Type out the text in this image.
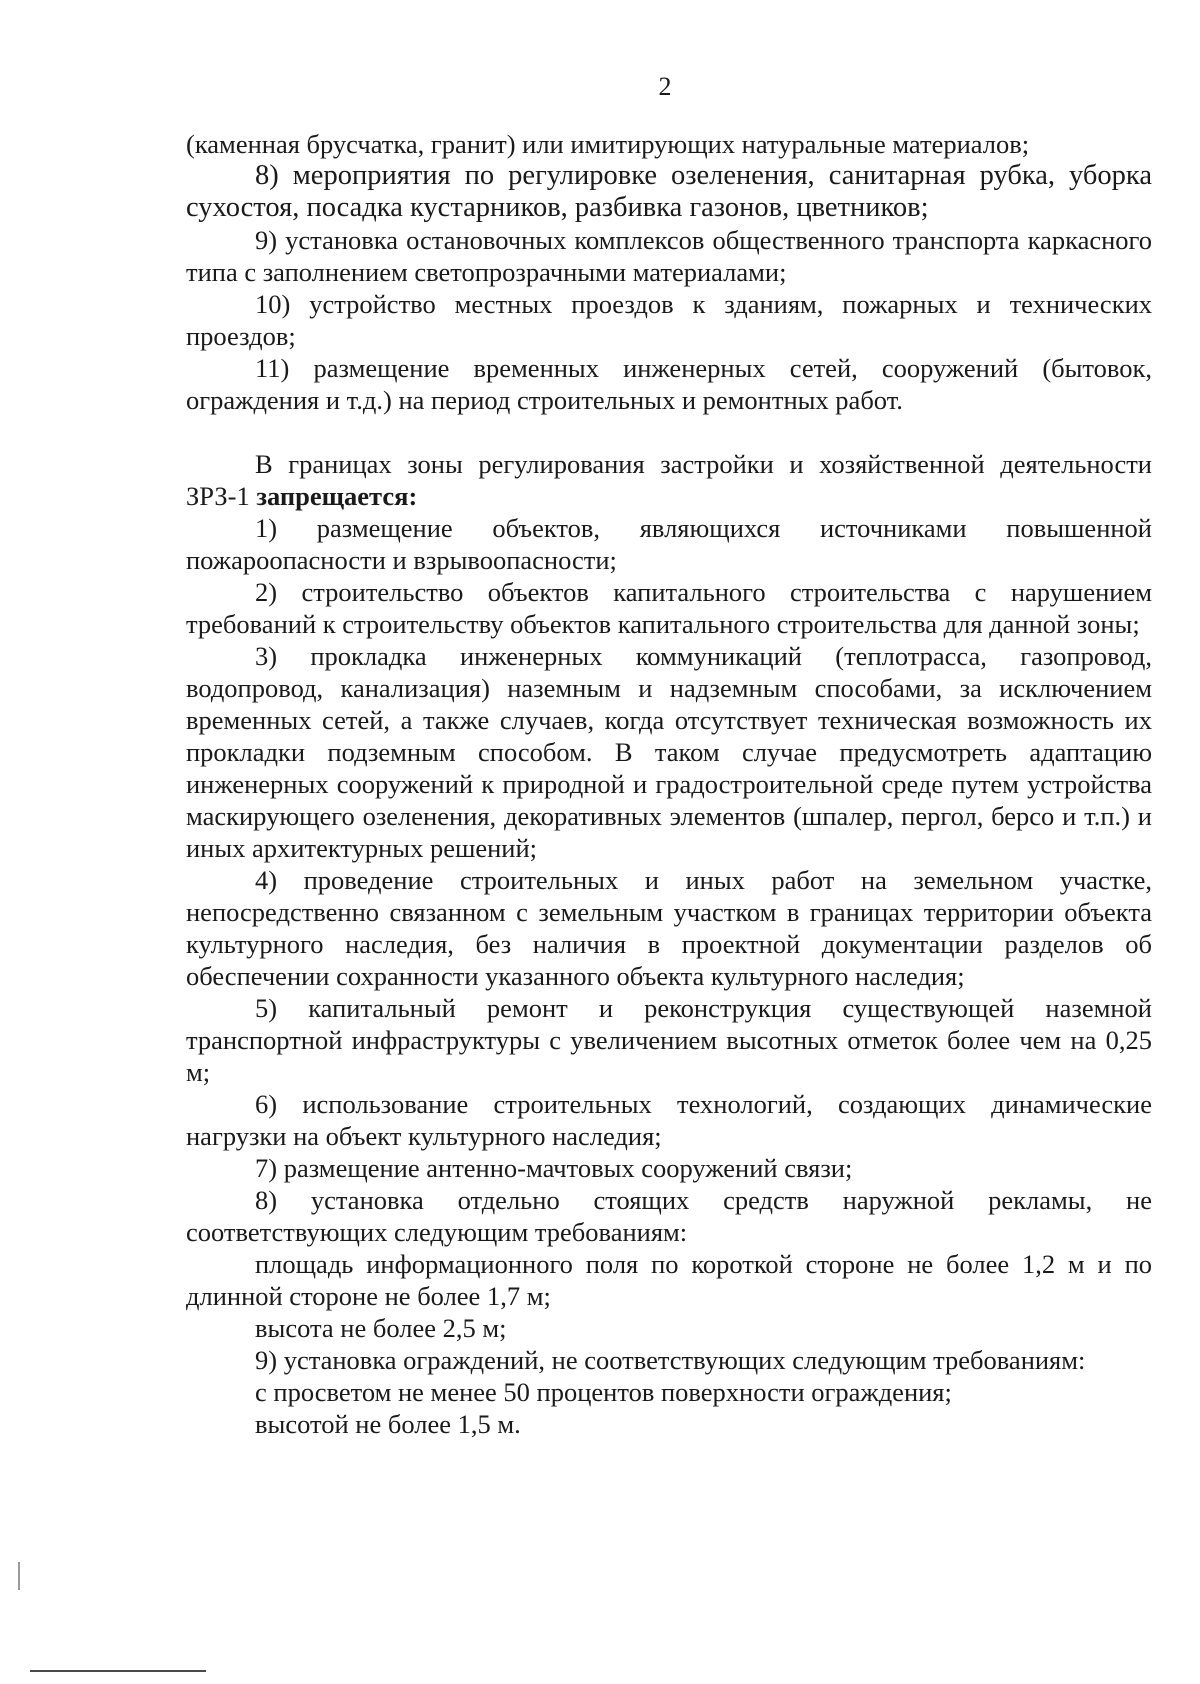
2

(каменная брусчатка, гранит) или имитирующих натуральные материалов;

8) мероприятия по регулировке озеленения, санитарная рубка, уборка сухостоя, посадка кустарников, разбивка газонов, цветников;

9) установка остановочных комплексов общественного транспорта каркасного типа с заполнением светопрозрачными материалами;

10) устройство местных проездов к зданиям, пожарных и технических проездов;

11) размещение временных инженерных сетей, сооружений (бытовок, ограждения и т.д.) на период строительных и ремонтных работ.

В границах зоны регулирования застройки и хозяйственной деятельности ЗРЗ-1 запрещается:

1) размещение объектов, являющихся источниками повышенной пожароопасности и взрывоопасности;

2) строительство объектов капитального строительства с нарушением требований к строительству объектов капитального строительства для данной зоны;

3) прокладка инженерных коммуникаций (теплотрасса, газопровод, водопровод, канализация) наземным и надземным способами, за исключением временных сетей, а также случаев, когда отсутствует техническая возможность их прокладки подземным способом. В таком случае предусмотреть адаптацию инженерных сооружений к природной и градостроительной среде путем устройства маскирующего озеленения, декоративных элементов (шпалер, пергол, берсо и т.п.) и иных архитектурных решений;

4) проведение строительных и иных работ на земельном участке, непосредственно связанном с земельным участком в границах территории объекта культурного наследия, без наличия в проектной документации разделов об обеспечении сохранности указанного объекта культурного наследия;

5) капитальный ремонт и реконструкция существующей наземной транспортной инфраструктуры с увеличением высотных отметок более чем на 0,25 м;

6) использование строительных технологий, создающих динамические нагрузки на объект культурного наследия;

7) размещение антенно-мачтовых сооружений связи;

8) установка отдельно стоящих средств наружной рекламы, не соответствующих следующим требованиям:

площадь информационного поля по короткой стороне не более 1,2 м и по длинной стороне не более 1,7 м;

высота не более 2,5 м;

9) установка ограждений, не соответствующих следующим требованиям:

с просветом не менее 50 процентов поверхности ограждения;

высотой не более 1,5 м.
